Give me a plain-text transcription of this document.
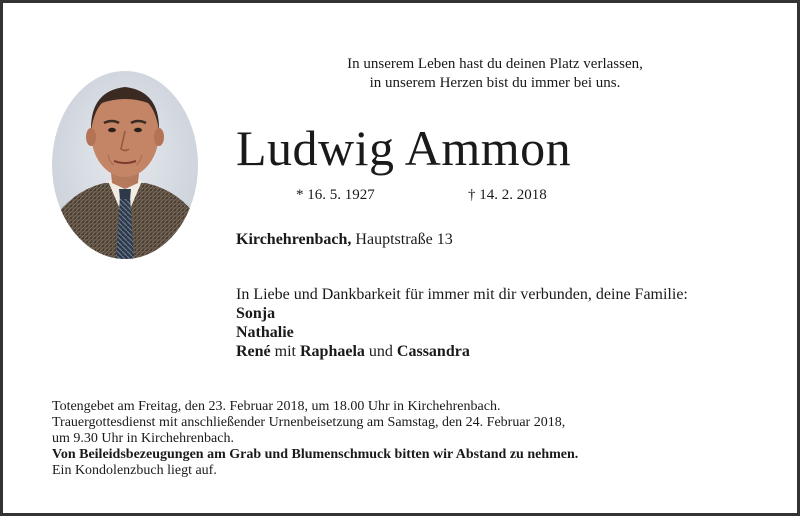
In unserem Leben hast du deinen Platz verlassen,
in unserem Herzen bist du immer bei uns.
Ludwig Ammon
* 16. 5. 1927	† 14. 2. 2018
Kirchehrenbach, Hauptstraße 13
In Liebe und Dankbarkeit für immer mit dir verbunden, deine Familie:
Sonja
Nathalie
René mit Raphaela und Cassandra
Totengebet am Freitag, den 23. Februar 2018, um 18.00 Uhr in Kirchehrenbach.
Trauergottesdienst mit anschließender Urnenbeisetzung am Samstag, den 24. Februar 2018,
um 9.30 Uhr in Kirchehrenbach.
Von Beileidsbezeugungen am Grab und Blumenschmuck bitten wir Abstand zu nehmen.
Ein Kondolenzbuch liegt auf.
